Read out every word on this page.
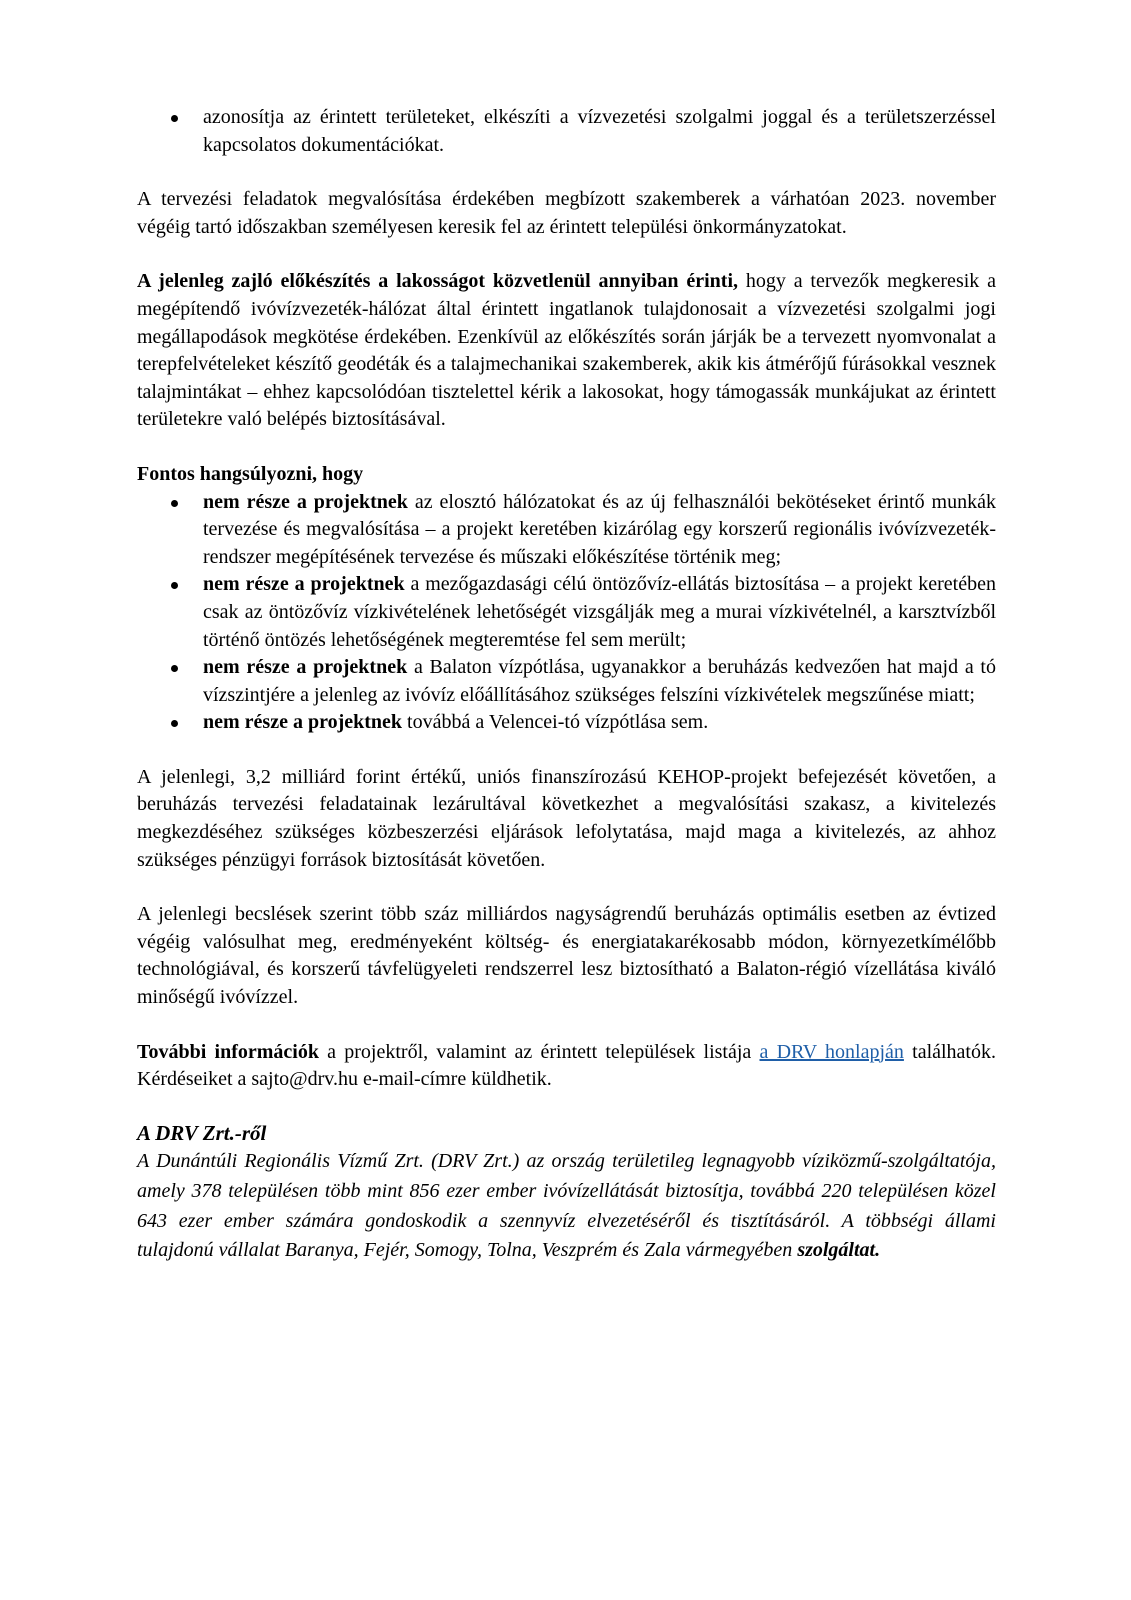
azonosítja az érintett területeket, elkészíti a vízvezetési szolgalmi joggal és a területszerzéssel kapcsolatos dokumentációkat.

A tervezési feladatok megvalósítása érdekében megbízott szakemberek a várhatóan 2023. november végéig tartó időszakban személyesen keresik fel az érintett települési önkormányzatokat.

A jelenleg zajló előkészítés a lakosságot közvetlenül annyiban érinti, hogy a tervezők megkeresik a megépítendő ivóvízvezeték-hálózat által érintett ingatlanok tulajdonosait a vízvezetési szolgalmi jogi megállapodások megkötése érdekében. Ezenkívül az előkészítés során járják be a tervezett nyomvonalat a terepfelvételeket készítő geodéták és a talajmechanikai szakemberek, akik kis átmérőjű fúrásokkal vesznek talajmintákat – ehhez kapcsolódóan tisztelettel kérik a lakosokat, hogy támogassák munkájukat az érintett területekre való belépés biztosításával.

Fontos hangsúlyozni, hogy

nem része a projektnek az elosztó hálózatokat és az új felhasználói bekötéseket érintő munkák tervezése és megvalósítása – a projekt keretében kizárólag egy korszerű regionális ivóvízvezeték-rendszer megépítésének tervezése és műszaki előkészítése történik meg;
nem része a projektnek a mezőgazdasági célú öntözővíz-ellátás biztosítása – a projekt keretében csak az öntözővíz vízkivételének lehetőségét vizsgálják meg a murai vízkivételnél, a karsztvízből történő öntözés lehetőségének megteremtése fel sem merült;
nem része a projektnek a Balaton vízpótlása, ugyanakkor a beruházás kedvezően hat majd a tó vízszintjére a jelenleg az ivóvíz előállításához szükséges felszíni vízkivételek megszűnése miatt;
nem része a projektnek továbbá a Velencei-tó vízpótlása sem.

A jelenlegi, 3,2 milliárd forint értékű, uniós finanszírozású KEHOP-projekt befejezését követően, a beruházás tervezési feladatainak lezárultával következhet a megvalósítási szakasz, a kivitelezés megkezdéséhez szükséges közbeszerzési eljárások lefolytatása, majd maga a kivitelezés, az ahhoz szükséges pénzügyi források biztosítását követően.

A jelenlegi becslések szerint több száz milliárdos nagyságrendű beruházás optimális esetben az évtized végéig valósulhat meg, eredményeként költség- és energiatakarékosabb módon, környezetkímélőbb technológiával, és korszerű távfelügyeleti rendszerrel lesz biztosítható a Balaton-régió vízellátása kiváló minőségű ivóvízzel.

További információk a projektről, valamint az érintett települések listája a DRV honlapján találhatók. Kérdéseiket a sajto@drv.hu e-mail-címre küldhetik.

A DRV Zrt.-ről

A Dunántúli Regionális Vízmű Zrt. (DRV Zrt.) az ország területileg legnagyobb víziközmű-szolgáltatója, amely 378 településen több mint 856 ezer ember ivóvízellátását biztosítja, továbbá 220 településen közel 643 ezer ember számára gondoskodik a szennyvíz elvezetéséről és tisztításáról. A többségi állami tulajdonú vállalat Baranya, Fejér, Somogy, Tolna, Veszprém és Zala vármegyében szolgáltat.
